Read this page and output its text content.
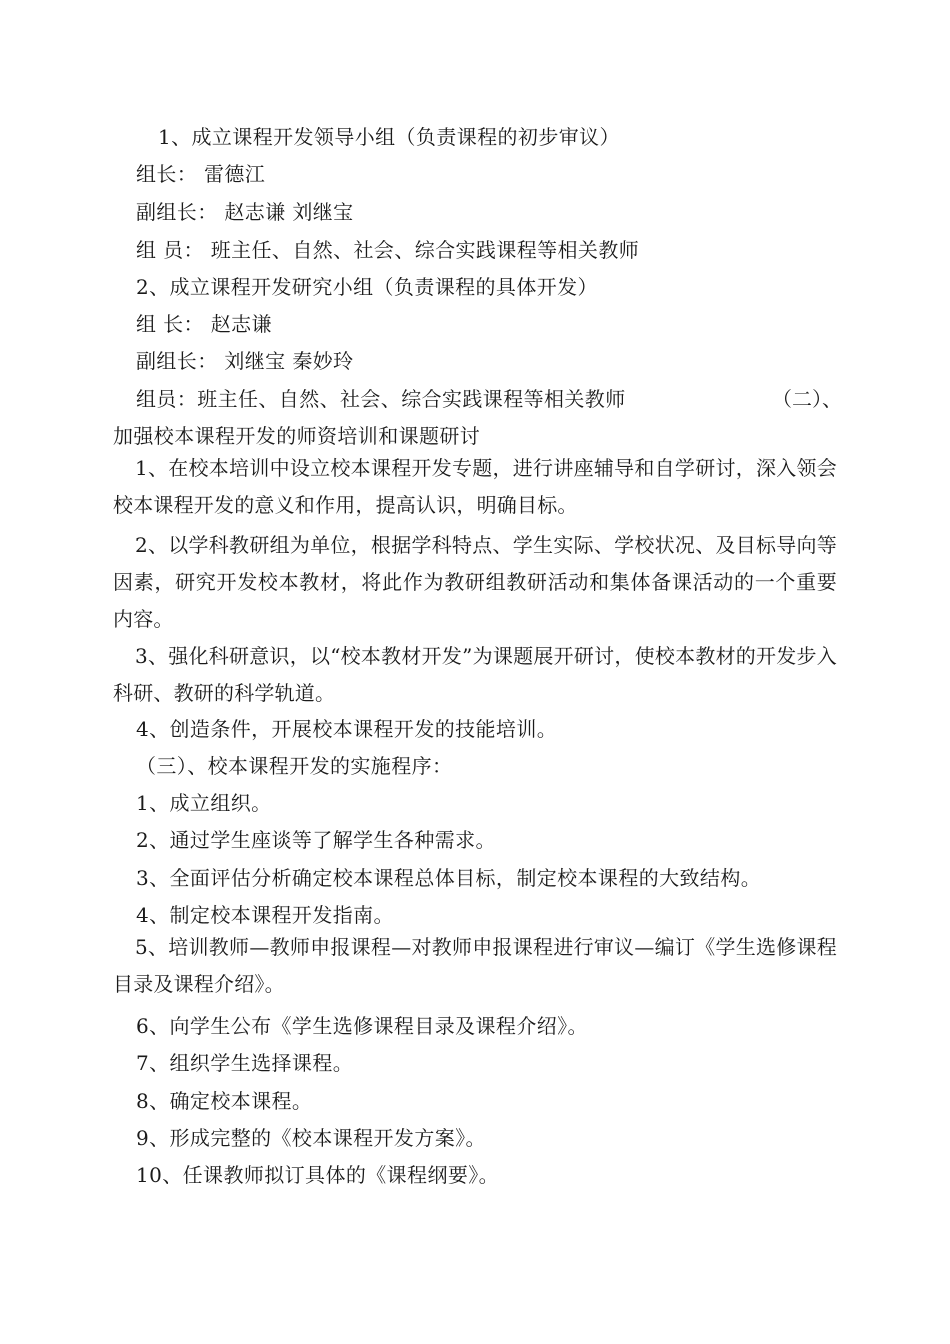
1、成立课程开发领导小组（负责课程的初步审议）
组长： 雷德江
副组长： 赵志谦 刘继宝
组 员： 班主任、自然、社会、综合实践课程等相关教师
2、成立课程开发研究小组（负责课程的具体开发）
组 长： 赵志谦
副组长： 刘继宝 秦妙玲
组员：班主任、自然、社会、综合实践课程等相关教师	（二）、
加强校本课程开发的师资培训和课题研讨
1、在校本培训中设立校本课程开发专题，进行讲座辅导和自学研讨，深入领会校本课程开发的意义和作用，提高认识，明确目标。
2、以学科教研组为单位，根据学科特点、学生实际、学校状况、及目标导向等因素，研究开发校本教材，将此作为教研组教研活动和集体备课活动的一个重要内容。
3、强化科研意识，以“校本教材开发”为课题展开研讨，使校本教材的开发步入科研、教研的科学轨道。
4、创造条件，开展校本课程开发的技能培训。
（三）、校本课程开发的实施程序：
1、成立组织。
2、通过学生座谈等了解学生各种需求。
3、全面评估分析确定校本课程总体目标，制定校本课程的大致结构。
4、制定校本课程开发指南。
5、培训教师—教师申报课程—对教师申报课程进行审议—编订《学生选修课程目录及课程介绍》。
6、向学生公布《学生选修课程目录及课程介绍》。
7、组织学生选择课程。
8、确定校本课程。
9、形成完整的《校本课程开发方案》。
10、任课教师拟订具体的《课程纲要》。
